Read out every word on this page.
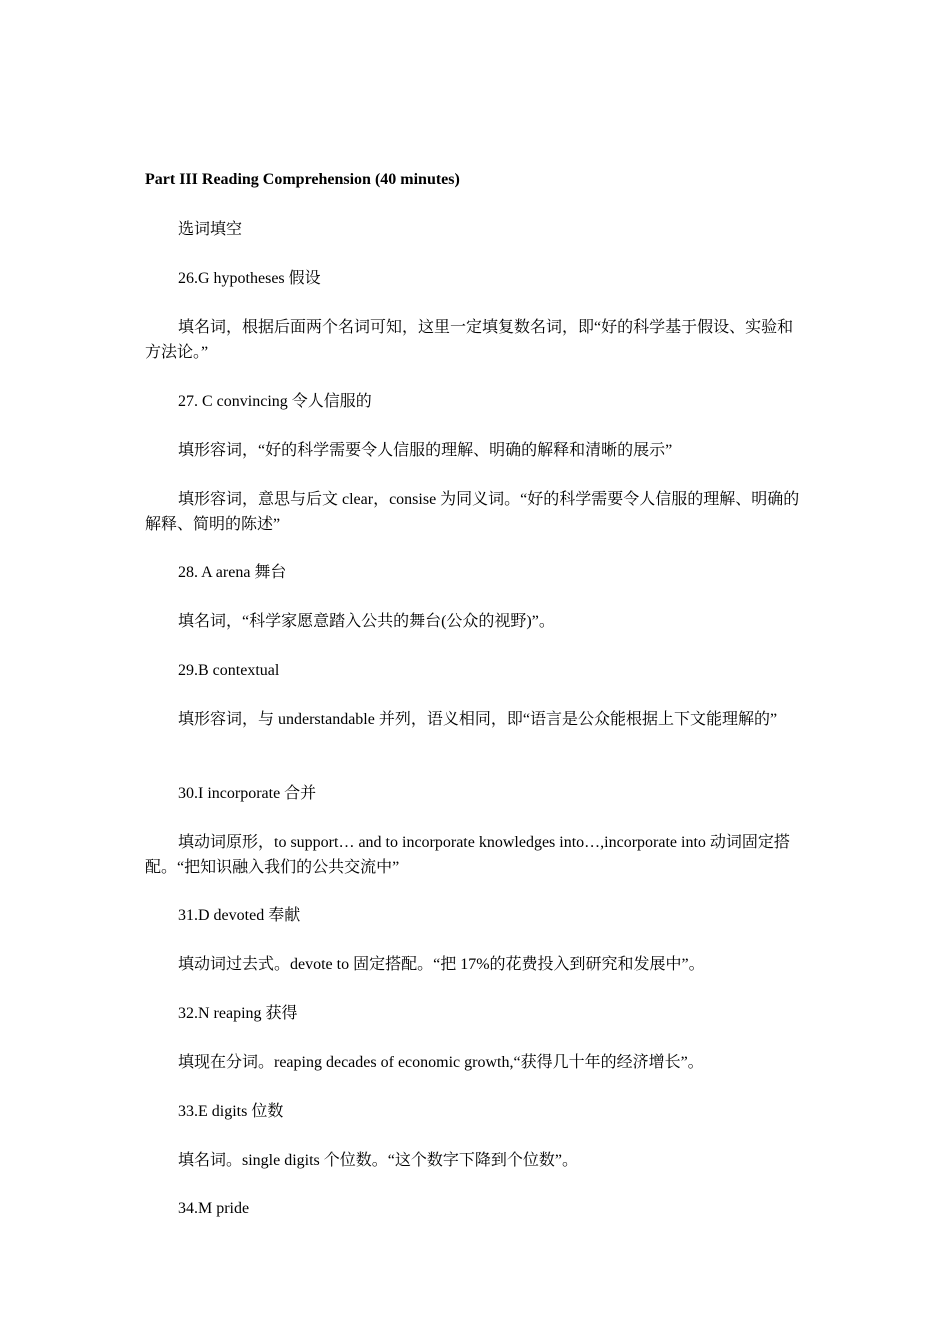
Part III Reading Comprehension (40 minutes)

选词填空

26.G hypotheses 假设

填名词，根据后面两个名词可知，这里一定填复数名词，即“好的科学基于假设、实验和方法论。”

27. C convincing 令人信服的

填形容词，“好的科学需要令人信服的理解、明确的解释和清晰的展示”

填形容词，意思与后文 clear，consise 为同义词。“好的科学需要令人信服的理解、明确的解释、简明的陈述”

28. A arena 舞台

填名词，“科学家愿意踏入公共的舞台(公众的视野)”。

29.B contextual

填形容词，与 understandable 并列，语义相同，即“语言是公众能根据上下文能理解的”

30.I incorporate 合并

填动词原形，to support… and to incorporate knowledges into…,incorporate into 动词固定搭配。“把知识融入我们的公共交流中”

31.D devoted 奉献

填动词过去式。devote to 固定搭配。“把 17%的花费投入到研究和发展中”。

32.N reaping 获得

填现在分词。reaping decades of economic growth,“获得几十年的经济增长”。

33.E digits 位数

填名词。single digits 个位数。“这个数字下降到个位数”。

34.M pride
